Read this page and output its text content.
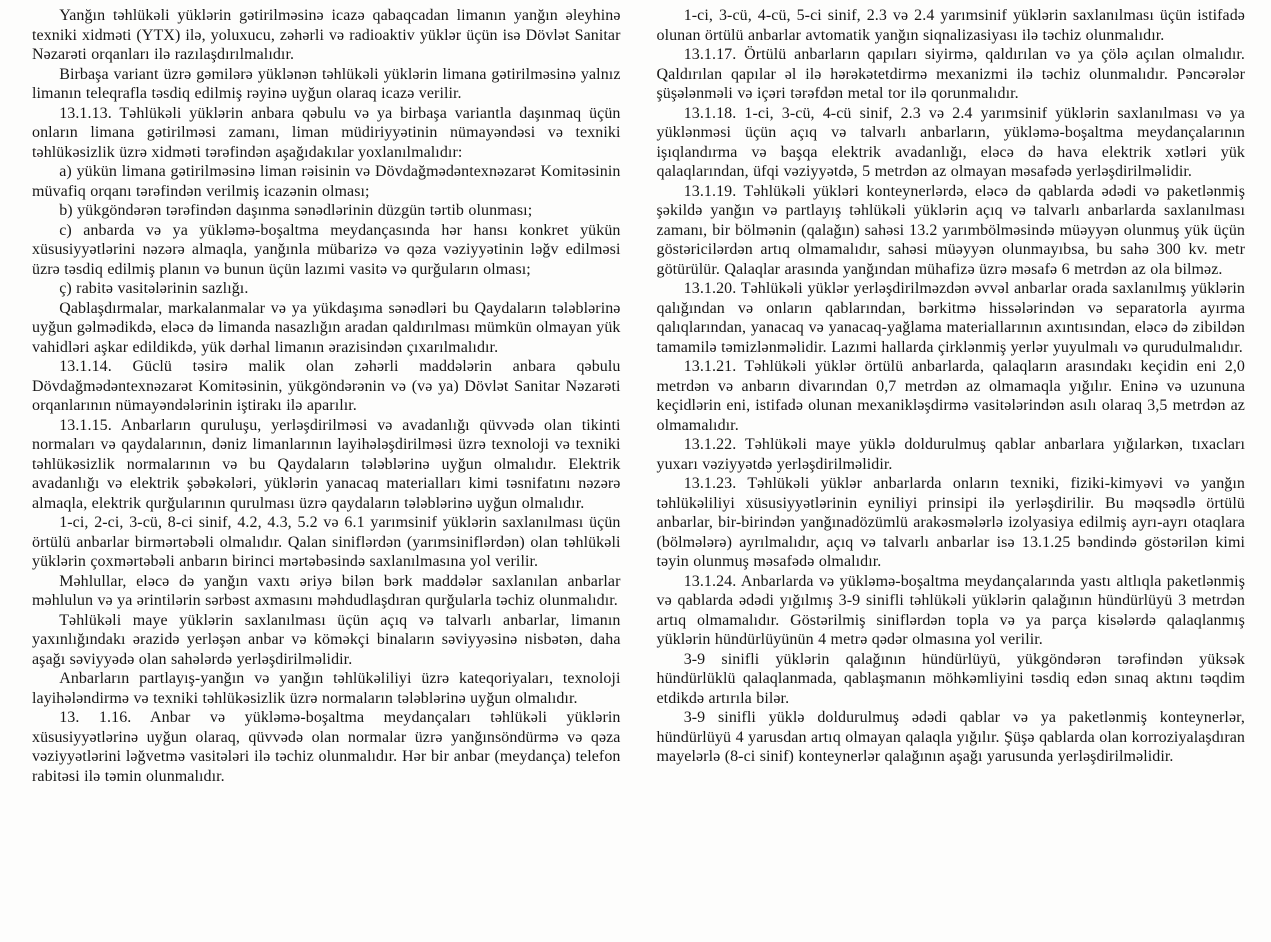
Yanğın təhlükəli yüklərin gətirilməsinə icazə qabaqcadan limanın yanğın əleyhinə texniki xidməti (YTX) ilə, yoluxucu, zəhərli və radioaktiv yüklər üçün isə Dövlət Sanitar Nəzarəti orqanları ilə razılaşdırılmalıdır.

Birbaşa variant üzrə gəmilərə yüklənən təhlükəli yüklərin limana gətirilməsinə yalnız limanın teleqrafla təsdiq edilmiş rəyinə uyğun olaraq icazə verilir.

13.1.13. Təhlükəli yüklərin anbara qəbulu və ya birbaşa variantla daşınmaq üçün onların limana gətirilməsi zamanı, liman müdiriyyətinin nümayəndəsi və texniki təhlükəsizlik üzrə xidməti tərəfindən aşağıdakılar yoxlanılmalıdır:

a) yükün limana gətirilməsinə liman rəisinin və Dövdağmədəntexnəzarət Komitəsinin müvafiq orqanı tərəfindən verilmiş icazənin olması;

b) yükgöndərən tərəfindən daşınma sənədlərinin düzgün tərtib olunması;

c) anbarda və ya yükləmə-boşaltma meydançasında hər hansı konkret yükün xüsusiyyətlərini nəzərə almaqla, yanğınla mübarizə və qəza vəziyyətinin ləğv edilməsi üzrə təsdiq edilmiş planın və bunun üçün lazımi vasitə və qurğuların olması;

ç) rabitə vasitələrinin sazlığı.

Qablaşdırmalar, markalanmalar və ya yükdaşıma sənədləri bu Qaydaların tələblərinə uyğun gəlmədikdə, eləcə də limanda nasazlığın aradan qaldırılması mümkün olmayan yük vahidləri aşkar edildikdə, yük dərhal limanın ərazisindən çıxarılmalıdır.

13.1.14. Güclü təsirə malik olan zəhərli maddələrin anbara qəbulu Dövdağmədəntexnəzarət Komitəsinin, yükgöndərənin və (və ya) Dövlət Sanitar Nəzarəti orqanlarının nümayəndələrinin iştirakı ilə aparılır.

13.1.15. Anbarların quruluşu, yerləşdirilməsi və avadanlığı qüvvədə olan tikinti normaları və qaydalarının, dəniz limanlarının layihələşdirilməsi üzrə texnoloji və texniki təhlükəsizlik normalarının və bu Qaydaların tələblərinə uyğun olmalıdır. Elektrik avadanlığı və elektrik şəbəkələri, yüklərin yanacaq materialları kimi təsnifatını nəzərə almaqla, elektrik qurğularının qurulması üzrə qaydaların tələblərinə uyğun olmalıdır.

1-ci, 2-ci, 3-cü, 8-ci sinif, 4.2, 4.3, 5.2 və 6.1 yarımsinif yüklərin saxlanılması üçün örtülü anbarlar birmərtəbəli olmalıdır. Qalan siniflərdən (yarımsiniflərdən) olan təhlükəli yüklərin çoxmərtəbəli anbarın birinci mərtəbəsində saxlanılmasına yol verilir.

Məhlullar, eləcə də yanğın vaxtı əriyə bilən bərk maddələr saxlanılan anbarlar məhlulun və ya ərintilərin sərbəst axmasını məhdudlaşdıran qurğularla təchiz olunmalıdır.

Təhlükəli maye yüklərin saxlanılması üçün açıq və talvarlı anbarlar, limanın yaxınlığındakı ərazidə yerləşən anbar və köməkçi binaların səviyyəsinə nisbətən, daha aşağı səviyyədə olan sahələrdə yerləşdirilməlidir.

Anbarların partlayış-yanğın və yanğın təhlükəliliyi üzrə kateqoriyaları, texnoloji layihələndirmə və texniki təhlükəsizlik üzrə normaların tələblərinə uyğun olmalıdır.

13. 1.16. Anbar və yükləmə-boşaltma meydançaları təhlükəli yüklərin xüsusiyyətlərinə uyğun olaraq, qüvvədə olan normalar üzrə yanğınsöndürmə və qəza vəziyyətlərini ləğvetmə vasitələri ilə təchiz olunmalıdır. Hər bir anbar (meydança) telefon rabitəsi ilə təmin olunmalıdır.

1-ci, 3-cü, 4-cü, 5-ci sinif, 2.3 və 2.4 yarımsinif yüklərin saxlanılması üçün istifadə olunan örtülü anbarlar avtomatik yanğın siqnalizasiyası ilə təchiz olunmalıdır.

13.1.17. Örtülü anbarların qapıları siyirmə, qaldırılan və ya çölə açılan olmalıdır. Qaldırılan qapılar əl ilə hərəkətetdirmə mexanizmi ilə təchiz olunmalıdır. Pəncərələr şüşələnməli və içəri tərəfdən metal tor ilə qorunmalıdır.

13.1.18. 1-ci, 3-cü, 4-cü sinif, 2.3 və 2.4 yarımsinif yüklərin saxlanılması və ya yüklənməsi üçün açıq və talvarlı anbarların, yükləmə-boşaltma meydançalarının işıqlandırma və başqa elektrik avadanlığı, eləcə də hava elektrik xətləri yük qalaqlarından, üfqi vəziyyətdə, 5 metrdən az olmayan məsafədə yerləşdirilməlidir.

13.1.19. Təhlükəli yükləri konteynerlərdə, eləcə də qablarda ədədi və paketlənmiş şəkildə yanğın və partlayış təhlükəli yüklərin açıq və talvarlı anbarlarda saxlanılması zamanı, bir bölmənin (qalağın) sahəsi 13.2 yarımbölməsində müəyyən olunmuş yük üçün göstəricilərdən artıq olmamalıdır, sahəsi müəyyən olunmayıbsa, bu sahə 300 kv. metr götürülür. Qalaqlar arasında yanğından mühafizə üzrə məsafə 6 metrdən az ola bilməz.

13.1.20. Təhlükəli yüklər yerləşdirilməzdən əvvəl anbarlar orada saxlanılmış yüklərin qalığından və onların qablarından, bərkitmə hissələrindən və separatorla ayırma qalıqlarından, yanacaq və yanacaq-yağlama materiallarının axıntısından, eləcə də zibildən tamamilə təmizlənməlidir. Lazımi hallarda çirklənmiş yerlər yuyulmalı və qurudulmalıdır.

13.1.21. Təhlükəli yüklər örtülü anbarlarda, qalaqların arasındakı keçidin eni 2,0 metrdən və anbarın divarından 0,7 metrdən az olmamaqla yığılır. Eninə və uzununa keçidlərin eni, istifadə olunan mexanikləşdirmə vasitələrindən asılı olaraq 3,5 metrdən az olmamalıdır.

13.1.22. Təhlükəli maye yüklə doldurulmuş qablar anbarlara yığılarkən, tıxacları yuxarı vəziyyətdə yerləşdirilməlidir.

13.1.23. Təhlükəli yüklər anbarlarda onların texniki, fiziki-kimyəvi və yanğın təhlükəliliyi xüsusiyyətlərinin eyniliyi prinsipi ilə yerləşdirilir. Bu məqsədlə örtülü anbarlar, bir-birindən yanğınadözümlü arakəsmələrlə izolyasiya edilmiş ayrı-ayrı otaqlara (bölmələrə) ayrılmalıdır, açıq və talvarlı anbarlar isə 13.1.25 bəndində göstərilən kimi təyin olunmuş məsafədə olmalıdır.

13.1.24. Anbarlarda və yükləmə-boşaltma meydançalarında yastı altlıqla paketlənmiş və qablarda ədədi yığılmış 3-9 sinifli təhlükəli yüklərin qalağının hündürlüyü 3 metrdən artıq olmamalıdır. Göstərilmiş siniflərdən topla və ya parça kisələrdə qalaqlanmış yüklərin hündürlüyünün 4 metrə qədər olmasına yol verilir.

3-9 sinifli yüklərin qalağının hündürlüyü, yükgöndərən tərəfindən yüksək hündürlüklü qalaqlanmada, qablaşmanın möhkəmliyini təsdiq edən sınaq aktını təqdim etdikdə artırıla bilər.

3-9 sinifli yüklə doldurulmuş ədədi qablar və ya paketlənmiş konteynerlər, hündürlüyü 4 yarusdan artıq olmayan qalaqla yığılır. Şüşə qablarda olan korroziyalaşdıran mayelərlə (8-ci sinif) konteynerlər qalağının aşağı yarusunda yerləşdirilməlidir.
